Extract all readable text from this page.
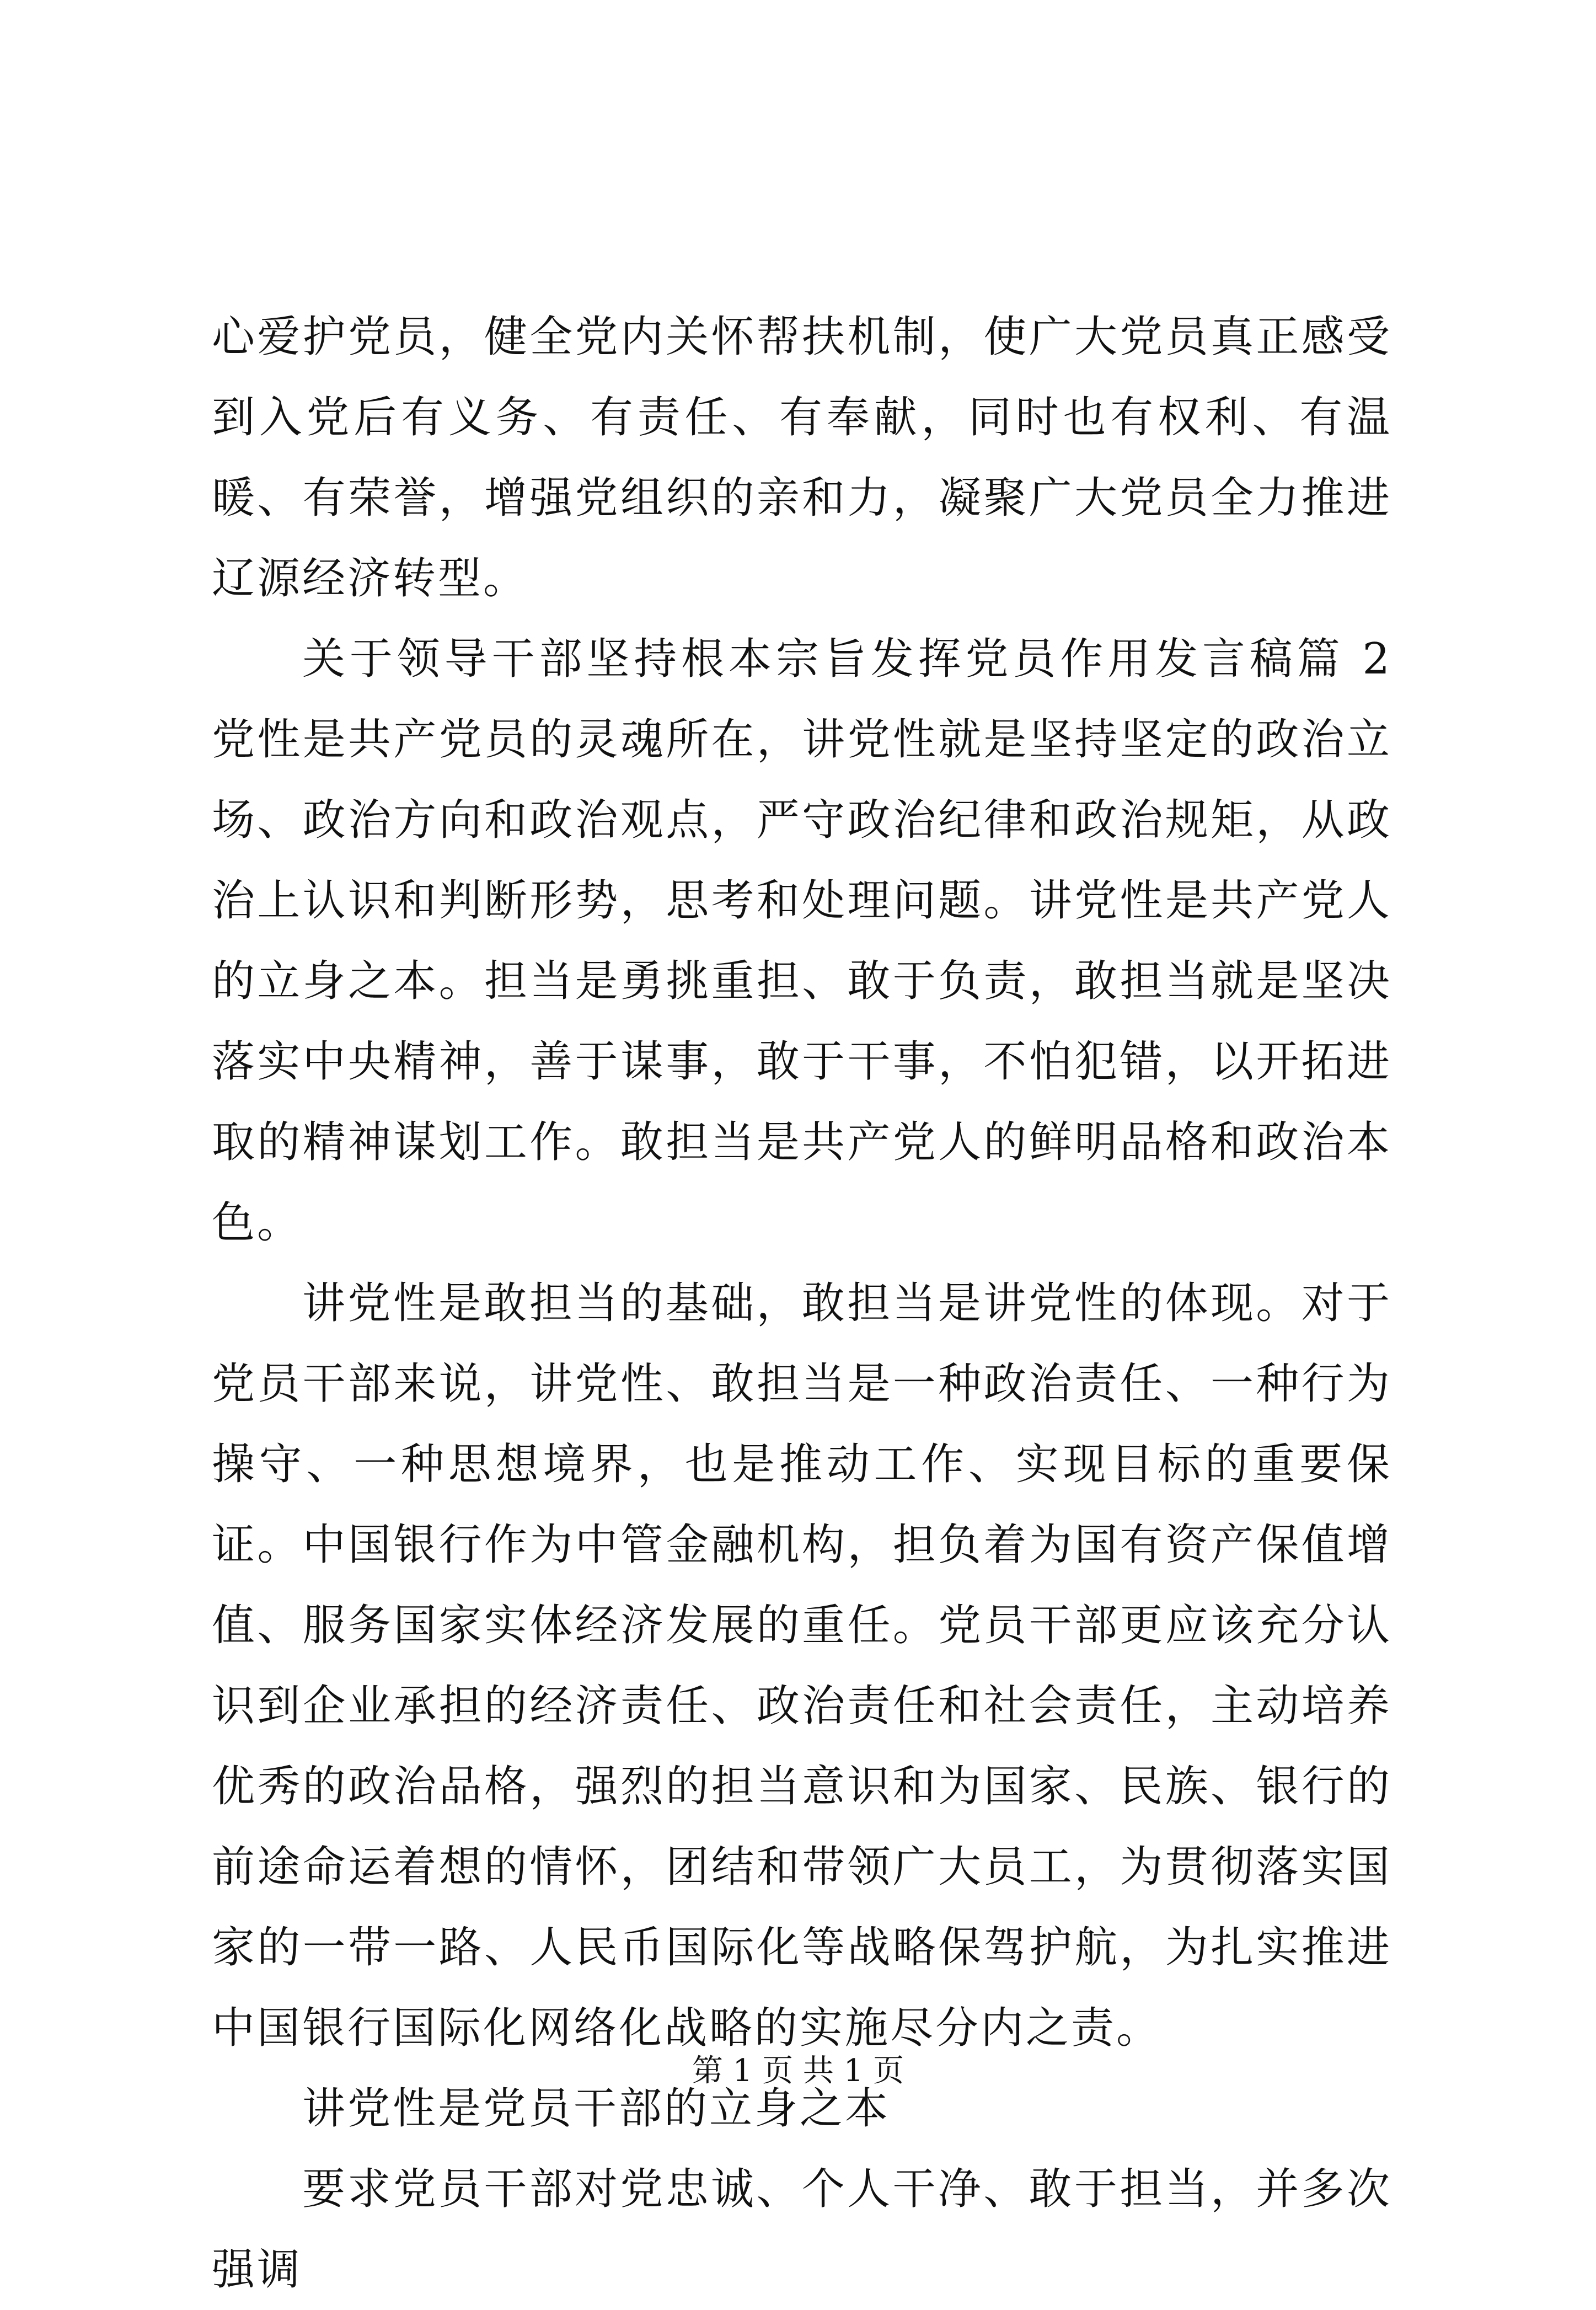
心爱护党员，健全党内关怀帮扶机制，使广大党员真正感受到入党后有义务、有责任、有奉献，同时也有权利、有温暖、有荣誉，增强党组织的亲和力，凝聚广大党员全力推进辽源经济转型。

关于领导干部坚持根本宗旨发挥党员作用发言稿篇 2 党性是共产党员的灵魂所在，讲党性就是坚持坚定的政治立场、政治方向和政治观点，严守政治纪律和政治规矩，从政治上认识和判断形势，思考和处理问题。讲党性是共产党人的立身之本。担当是勇挑重担、敢于负责，敢担当就是坚决落实中央精神，善于谋事，敢于干事，不怕犯错，以开拓进取的精神谋划工作。敢担当是共产党人的鲜明品格和政治本色。

讲党性是敢担当的基础，敢担当是讲党性的体现。对于党员干部来说，讲党性、敢担当是一种政治责任、一种行为操守、一种思想境界，也是推动工作、实现目标的重要保证。中国银行作为中管金融机构，担负着为国有资产保值增值、服务国家实体经济发展的重任。党员干部更应该充分认识到企业承担的经济责任、政治责任和社会责任，主动培养优秀的政治品格，强烈的担当意识和为国家、民族、银行的前途命运着想的情怀，团结和带领广大员工，为贯彻落实国家的一带一路、人民币国际化等战略保驾护航，为扎实推进中国银行国际化网络化战略的实施尽分内之责。

讲党性是党员干部的立身之本

要求党员干部对党忠诚、个人干净、敢于担当，并多次强调

第 1 页 共 1 页
